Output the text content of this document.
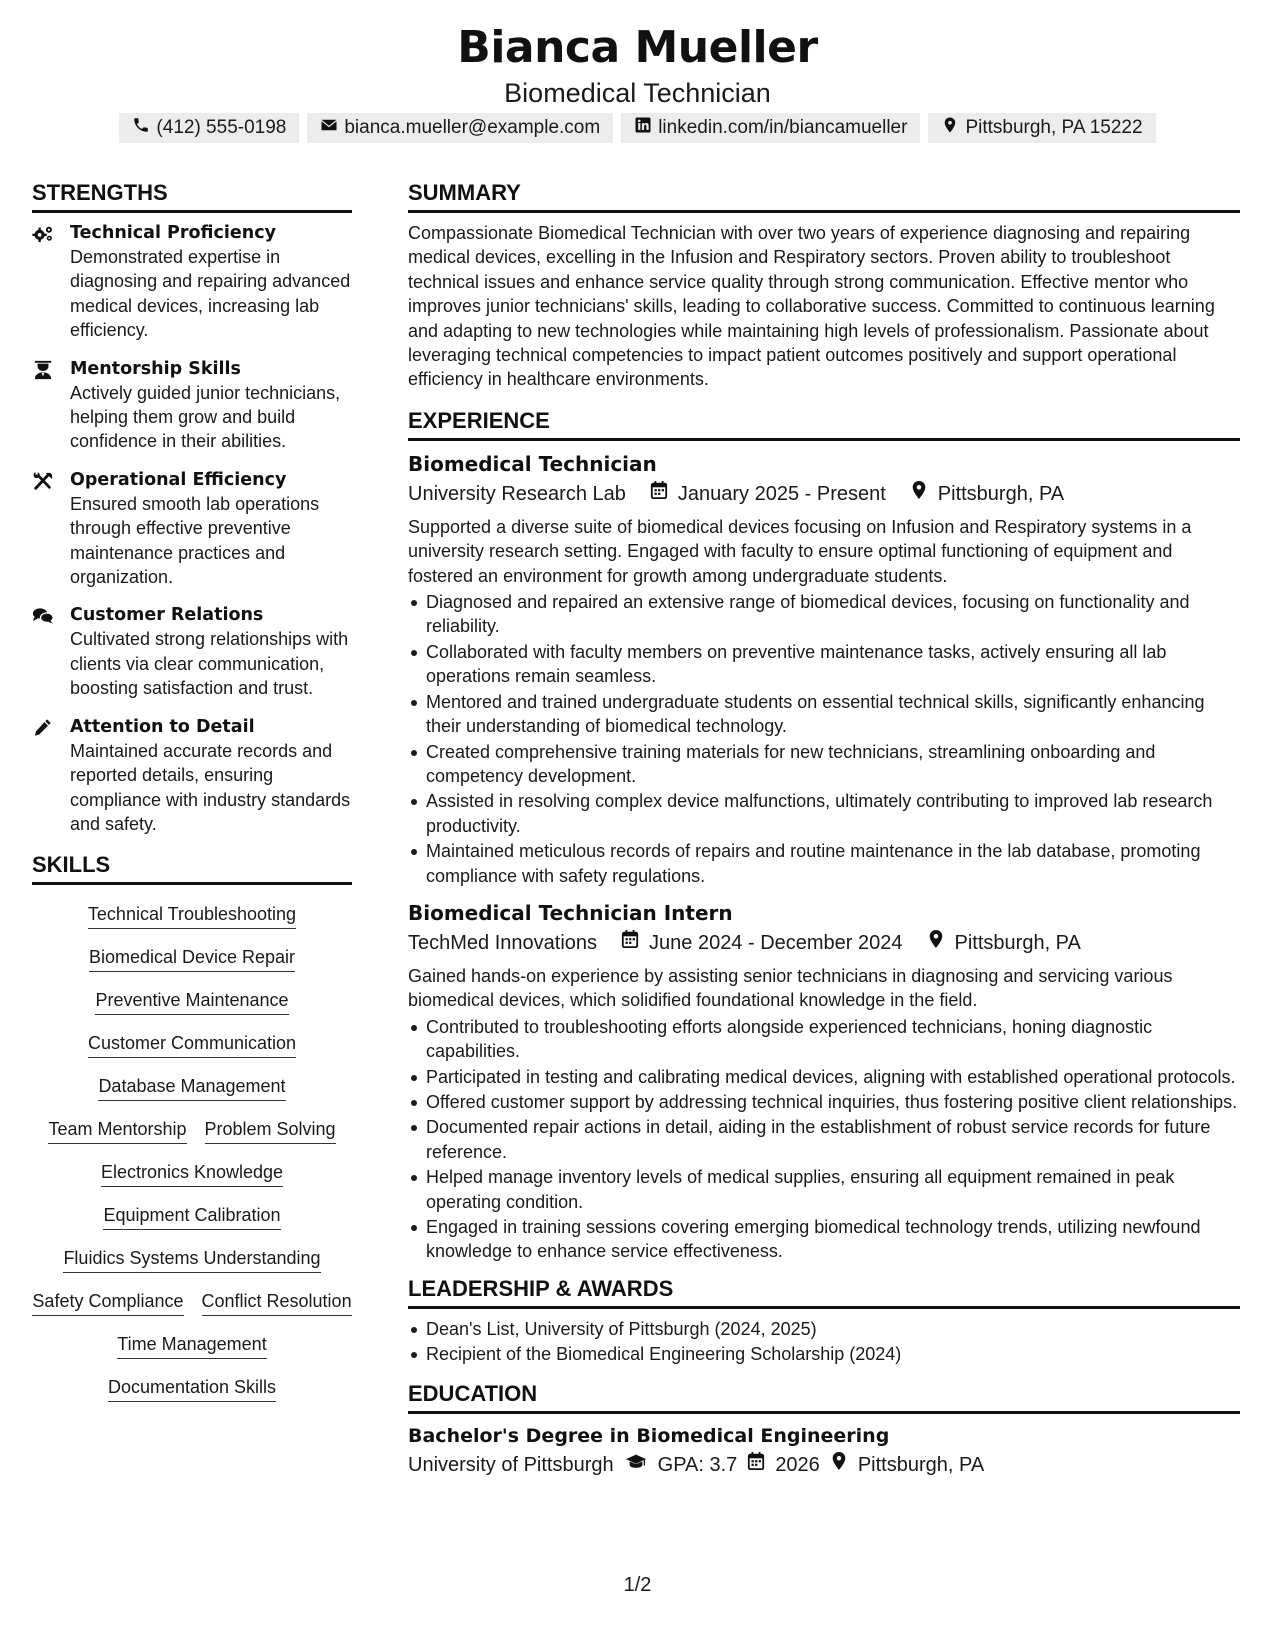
Bianca Mueller
Biomedical Technician
(412) 555-0198	bianca.mueller@example.com	linkedin.com/in/biancamueller	Pittsburgh, PA 15222
STRENGTHS
Technical Proficiency
Demonstrated expertise in diagnosing and repairing advanced medical devices, increasing lab efficiency.
Mentorship Skills
Actively guided junior technicians, helping them grow and build confidence in their abilities.
Operational Efficiency
Ensured smooth lab operations through effective preventive maintenance practices and organization.
Customer Relations
Cultivated strong relationships with clients via clear communication, boosting satisfaction and trust.
Attention to Detail
Maintained accurate records and reported details, ensuring compliance with industry standards and safety.
SKILLS
Technical Troubleshooting
Biomedical Device Repair
Preventive Maintenance
Customer Communication
Database Management
Team Mentorship Problem Solving
Electronics Knowledge
Equipment Calibration
Fluidics Systems Understanding
Safety Compliance Conflict Resolution
Time Management
Documentation Skills
SUMMARY
Compassionate Biomedical Technician with over two years of experience diagnosing and repairing medical devices, excelling in the Infusion and Respiratory sectors. Proven ability to troubleshoot technical issues and enhance service quality through strong communication. Effective mentor who improves junior technicians' skills, leading to collaborative success. Committed to continuous learning and adapting to new technologies while maintaining high levels of professionalism. Passionate about leveraging technical competencies to impact patient outcomes positively and support operational efficiency in healthcare environments.
EXPERIENCE
Biomedical Technician
University Research Lab	January 2025 - Present	Pittsburgh, PA
Supported a diverse suite of biomedical devices focusing on Infusion and Respiratory systems in a university research setting. Engaged with faculty to ensure optimal functioning of equipment and fostered an environment for growth among undergraduate students.
Diagnosed and repaired an extensive range of biomedical devices, focusing on functionality and reliability.
Collaborated with faculty members on preventive maintenance tasks, actively ensuring all lab operations remain seamless.
Mentored and trained undergraduate students on essential technical skills, significantly enhancing their understanding of biomedical technology.
Created comprehensive training materials for new technicians, streamlining onboarding and competency development.
Assisted in resolving complex device malfunctions, ultimately contributing to improved lab research productivity.
Maintained meticulous records of repairs and routine maintenance in the lab database, promoting compliance with safety regulations.
Biomedical Technician Intern
TechMed Innovations	June 2024 - December 2024	Pittsburgh, PA
Gained hands-on experience by assisting senior technicians in diagnosing and servicing various biomedical devices, which solidified foundational knowledge in the field.
Contributed to troubleshooting efforts alongside experienced technicians, honing diagnostic capabilities.
Participated in testing and calibrating medical devices, aligning with established operational protocols.
Offered customer support by addressing technical inquiries, thus fostering positive client relationships.
Documented repair actions in detail, aiding in the establishment of robust service records for future reference.
Helped manage inventory levels of medical supplies, ensuring all equipment remained in peak operating condition.
Engaged in training sessions covering emerging biomedical technology trends, utilizing newfound knowledge to enhance service effectiveness.
LEADERSHIP & AWARDS
Dean's List, University of Pittsburgh (2024, 2025)
Recipient of the Biomedical Engineering Scholarship (2024)
EDUCATION
Bachelor's Degree in Biomedical Engineering
University of Pittsburgh GPA: 3.7 2026 Pittsburgh, PA
1/2
